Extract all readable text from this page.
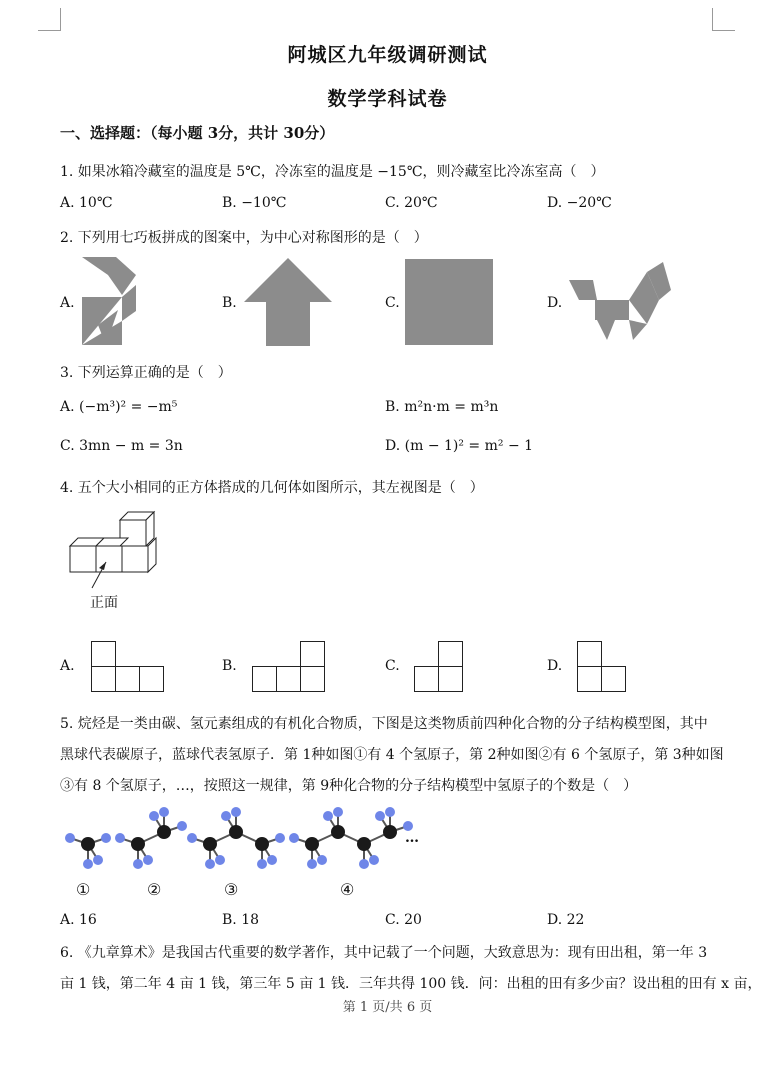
阿城区九年级调研测试
数学学科试卷
一、选择题：（每小题 3分，共计 30分）
1. 如果冰箱冷藏室的温度是 5℃，冷冻室的温度是 −15℃，则冷藏室比冷冻室高（　）
A. 10℃	B. −10℃	C. 20℃	D. −20℃
2. 下列用七巧板拼成的图案中，为中心对称图形的是（　）
A.	B.	C.	D.
3. 下列运算正确的是（　）
A. (−m³)² = −m⁵	B. m²n·m = m³n
C. 3mn − m = 3n	D. (m − 1)² = m² − 1
4. 五个大小相同的正方体搭成的几何体如图所示，其左视图是（　）
正面
A.	B.	C.	D.
5. 烷烃是一类由碳、氢元素组成的有机化合物质，下图是这类物质前四种化合物的分子结构模型图，其中
黑球代表碳原子，蓝球代表氢原子．第 1种如图①有 4 个氢原子，第 2种如图②有 6 个氢原子，第 3种如图
③有 8 个氢原子，…，按照这一规律，第 9种化合物的分子结构模型中氢原子的个数是（　）
①	②	③	④
…
A. 16	B. 18	C. 20	D. 22
6. 《九章算术》是我国古代重要的数学著作，其中记载了一个问题，大致意思为：现有田出租，第一年 3
亩 1 钱，第二年 4 亩 1 钱，第三年 5 亩 1 钱．三年共得 100 钱．问：出租的田有多少亩？设出租的田有 x 亩，
第 1 页/共 6 页
